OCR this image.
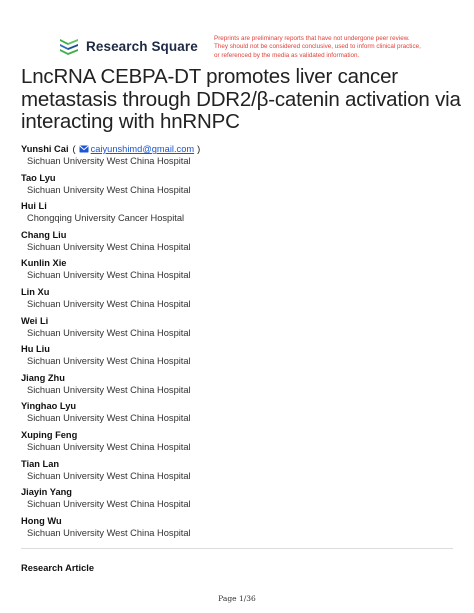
Research Square	Preprints are preliminary reports that have not undergone peer review.
They should not be considered conclusive, used to inform clinical practice,
or referenced by the media as validated information.
LncRNA CEBPA-DT promotes liver cancer
metastasis through DDR2/β-catenin activation via
interacting with hnRNPC
Yunshi Cai ( caiyunshimd@gmail.com )
Sichuan University West China Hospital
Tao Lyu
Sichuan University West China Hospital
Hui Li
Chongqing University Cancer Hospital
Chang Liu
Sichuan University West China Hospital
Kunlin Xie
Sichuan University West China Hospital
Lin Xu
Sichuan University West China Hospital
Wei Li
Sichuan University West China Hospital
Hu Liu
Sichuan University West China Hospital
Jiang Zhu
Sichuan University West China Hospital
Yinghao Lyu
Sichuan University West China Hospital
Xuping Feng
Sichuan University West China Hospital
Tian Lan
Sichuan University West China Hospital
Jiayin Yang
Sichuan University West China Hospital
Hong Wu
Sichuan University West China Hospital
Research Article
Page 1/36
